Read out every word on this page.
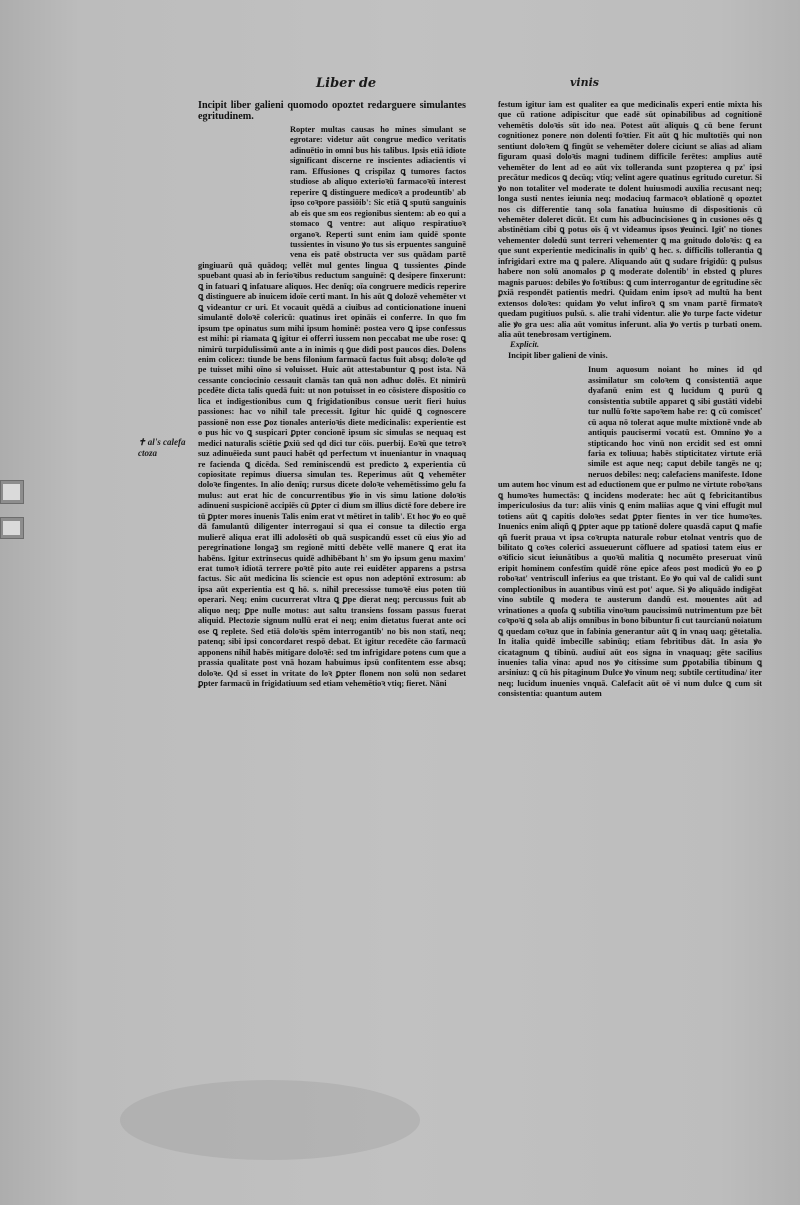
Liber de	vinis
✝ al's calefa ctoza

Incipit liber galieni quomodo opoztet redarguere simulantes egritudinem.

Ropter multas causas ho mines simulant se egrotare: videtur aūt congrue medico veritatis adinuētio in omni bus his talibus. Ipsis etiā idiote significant discerne re inscientes adiacientis vi ram. Effusiones ꝗ crispilaz ꝗ tumores factos studiose ab aliquo exterioꝛū farmacoꝛū interest reperire ꝗ distinguere medicoꝛ a prodeuntib' ab ipso coꝛpore passiōib': Sic etiā ꝗ sputū sanguinis ab eis que sm eos regionibus sientem: ab eo qui a stomaco ꝗ ventre: aut aliquo respiratiuoꝛ organoꝛ. Reperti sunt enim iam quidē sponte tussientes in visuno ꝟo tus sis erpuentes sanguinē vena eis patē obstructa ver sus quādam partē gingiuarū quā quādoq; vellēt mul gentes lingua ꝗ tussientes ꝓinde spuebant quasi ab in ferioꝛibus reductum sanguinē: ꝗ desipere finxerunt: ꝗ in fatuari ꝗ infatuare aliquos. Hec denīq; oīa congruere medicis reperire ꝗ distinguere ab inuicem idoīe certi mant. In his aūt ꝗ dolozē vehemēter vt ꝗ videantur cr uri. Et vocauit quēdā a ciuibus ad conticionatione inueni simulantē doloꝛē colericū: quatinus iret opināis ei conferre. In quo fm ipsum tpe opinatus sum mihi ipsum hominē: postea vero ꝗ ipse confessus est mihi: pi riamata ꝗ igitur ei offerri iussem non peccabat me ube rose: ꝗ nimirū turpidulissimū ante a in inimis q ꝯue didi post paucos dies. Dolens enim colicez: tiunde be bens filonium farmacū factus fuit absq; doloꝛe qd pe tuisset mihi oīno si voluisset. Huic aūt attestabuntur ꝗ post ista. Nā cessante conciocinio cessauit clamās tan quā non adhuc dolēs. Et nimirū pcedēte dicta talis quedā fuit: ut non potuisset in eo cōsistere dispositio co lica et indigestionibus cum ꝗ frigidationibus consue uerit fieri huius passiones: hac vo nihil tale precessit. Igitur hic quidē ꝗ cognoscere passionē non esse ꝑoz tionales anterioꝛis diete medicinalis: experientie est o pus hic vo ꝗ suspicari ꝑpter concionē ipsum sic simulas se nequaq est medici naturalis sciētie ꝑxiū sed qd dici tur cōis. puerbij. Eoꝛū que tetroꝛ suz adinuēieda sunt pauci habēt qd perfectum vt inueniantur in vnaquaq re facienda ꝗ dicēda. Sed reminiscendū est predicto ꝝ experientia cū copiositate repimus diuersa simulan tes. Reperimus aūt ꝗ vehemēter doloꝛe fingentes. In alio denīq; rursus dicete doloꝛe vehemētissimo gelu fa mulus: aut erat hic de concurrentibus ꝟio in vis simu latione doloꝛis adinueni suspicionē accipiēs cū ꝑpter ci dium sm illius dictē fore debere ire tū ꝑpter mores inuenis Talis enim erat vt mētiret in talib'. Et hoc ꝟo eo quē dā famulantū diligenter interrogaui si qua ei consue ta dilectio erga mulierē aliqua erat illi adolosēti ob quā suspicandū esset cū eius ꝟio ad peregrinatione longaꝫ sm regionē mitti debēte vellē manere ꝗ erat ita habēns. Igitur extrinsecus quidē adhibēbant h' sm ꝟo ipsum genu maxim' erat tumoꝛ idiotā terrere poꝛtē pito aute rei euidēter apparens a pstrsa factus. Sic aūt medicina lis sciencie est opus non adeptōnī extrosum: ab ipsa aūt experientia est ꝗ hō. s. nihil precessisse tumoꝛē eius poten tiū operari. Neq; enim cucurrerat vltra ꝗ ꝑpe dierat neq; percussus fuit ab aliquo neq; ꝑpe nulle motus: aut saltu transiens fossam passus fuerat aliquid. Plectozie signum nullū erat ei neq; enim dietatus fuerat ante oci ose ꝗ replete. Sed etiā doloꝛis spēm interrogantib' no bis non statī, neq; patenq; sibi ipsi concordaret respō debat. Et igitur recedēte cāo farmacū apponens nihil habēs mitigare doloꝛē: sed tm infrigidare potens cum que a prassia qualitate post vnā hozam habuimus ipsū confitentem esse absq; doloꝛe. Qd si esset in vritate do loꝛ ꝑpter flonem non solū non sedaret ꝑpter farmacū in frigidatiuum sed etiam vehemētioꝛ vtiq; fieret. Nāni

festum igitur iam est qualiter ea que medicinalis experi entie mixta his que cū ratione adipiscitur que eadē sūt opinabilibus ad cognitionē vehemētis doloꝛis sūt ido nea. Potest aūt aliquis ꝗ cū bene ferunt cognitionez ponere non dolenti foꝛtier. Fit aūt ꝗ hic multotiēs qui non sentiunt doloꝛem ꝗ fingūt se vehemēter dolere ciciunt se alias ad aliam figuram quasi doloꝛis magni tudinem difficile ferētes: amplius autē vehemēter do lent ad eo aūt vix tolleranda sunt pzopterea q pz' ipsi precātur medicos ꝗ decūq; vtiq; velint agere quatinus egritudo curetur. Si ꝟo non totaliter vel moderate te dolent huiusmodi auxilia recusant neq; longa susti nentes ieiunia neq; modaciuq farmacoꝛ oblationē q opoztet nos cis differentie tanq sola fanatiua huiusmo di dispositionis cū vehemēter doleret dicūt. Et cum his adbucincisiones ꝗ in cusiones oēs ꝗ abstinētiam cibi ꝗ potus oīs q̃ vt videamus ipsos ꝟeuinci. Igiť no tiones vehementer doledū sunt terreri vehementer ꝗ ma gnitudo doloꝛis: ꝗ ea que sunt experientie medicinalis in quib' ꝗ hec. s. difficilis tollerantia ꝗ infrigidari extre ma ꝗ palere. Aliquando aūt ꝗ sudare frigidū: ꝗ pulsus habere non solū anomalos ꝑ ꝗ moderate dolentib' in ebsted ꝗ plures magnis paruos: debiles ꝟo foꝛtibus: ꝗ cum interrogantur de egritudine sēc ꝑxiā respondēt patientis medri. Quidam enim ipsoꝛ ad multū ha bent extensos doloꝛes: quidam ꝟo velut infiroꝛ ꝗ sm vnam partē firmatoꝛ quedam pugitiuos pulsū. s. alie trahi videntur. alie ꝟo turpe facte videtur alie ꝟo gra ues: alia aūt vomitus inferunt. alia ꝟo vertis p turbati onem. alia aūt tenebrosam vertiginem.

Explicit.

Incipit liber galieni de vinis.

Inum aquosum noiant ho mines id qd assimilatur sm coloꝛem ꝗ consistentiā aque dyafanū enim est ꝗ lucidum ꝗ purū ꝗ consistentia subtile apparet ꝗ sibi gustāti videbi tur nullū foꝛte sapoꝛem habe re: ꝗ cū comisceť cū aqua nō tolerat aque multe mixtionē vnde ab antiquis paucisermi vocatū est. Omnino ꝟo a stipticando hoc vinū non ercidit sed est omni faria ex toliuua; habēs stipticitatez virtute eriā simile est aque neq; caput debile tangēs ne q; neruos debiles: neq; calefaciens manifeste. Idone um autem hoc vinum est ad eductionem que er pulmo ne virtute roboꝛans ꝗ humoꝛes humectās: ꝗ incidens moderate: hec aūt ꝗ febricitantibus impericulosius da tur: aliis vinis ꝗ enim maliias aque ꝗ vini effugit mul totiens aūt ꝗ capitis doloꝛes sedat ꝑpter fientes in ver tice humoꝛes. Inuenics enim aliqñ ꝗ ꝑpter aque pp tationē dolere quasdā caput ꝗ mafie qñ fuerit praua vt ipsa coꝛrupta naturale robur etolnat ventris quo de bilitato ꝗ coꝛes colerici assueuerunt cōfluere ad spatiosi tatem eius er oꝛificio sicut ieiunātibus a quoꝛū malitia ꝗ nocumēto preseruat vinū eripit hominem confestīm quidē rōne epice afeos post modicū ꝟo eo ꝑ roboꝛat' ventriscull inferius ea que tristant. Eo ꝟo qui val de calidi sunt complectionibus in auantibus vinū est pot' aque. Si ꝟo aliquādo indigēat vino subtile ꝗ modera te austerum dandū est. mouentes aūt ad vrinationes a quoſa ꝗ subtilia vinoꝛum paucissimū nutrimentum pze bēt coꝛpoꝛi ꝗ sola ab alijs omnibus in bono bibuntur ſi cut taurcianū noiatum ꝗ quedam coꝛuz que in fabinia generantur aūt ꝗ in vnaq uaq; gētetalia. In italia quidē imbecille sabinūq; etiam febritibus dāt. In asia ꝟo cicatagnum ꝗ tibinū. audiuī aūt eos signa in vnaquaq; gēte sacilius inuenies talia vina: apud nos ꝟo citissime sum ꝑpotabilia tibinum ꝗ arsiniuz: ꝗ cū his pitaginum Dulce ꝟo vinum neq; subtile certitudina/ iter neq; lucidum inuenies vnquā. Calefacit aūt oē vi num dulce ꝗ cum sit consistentia: quantum autem
